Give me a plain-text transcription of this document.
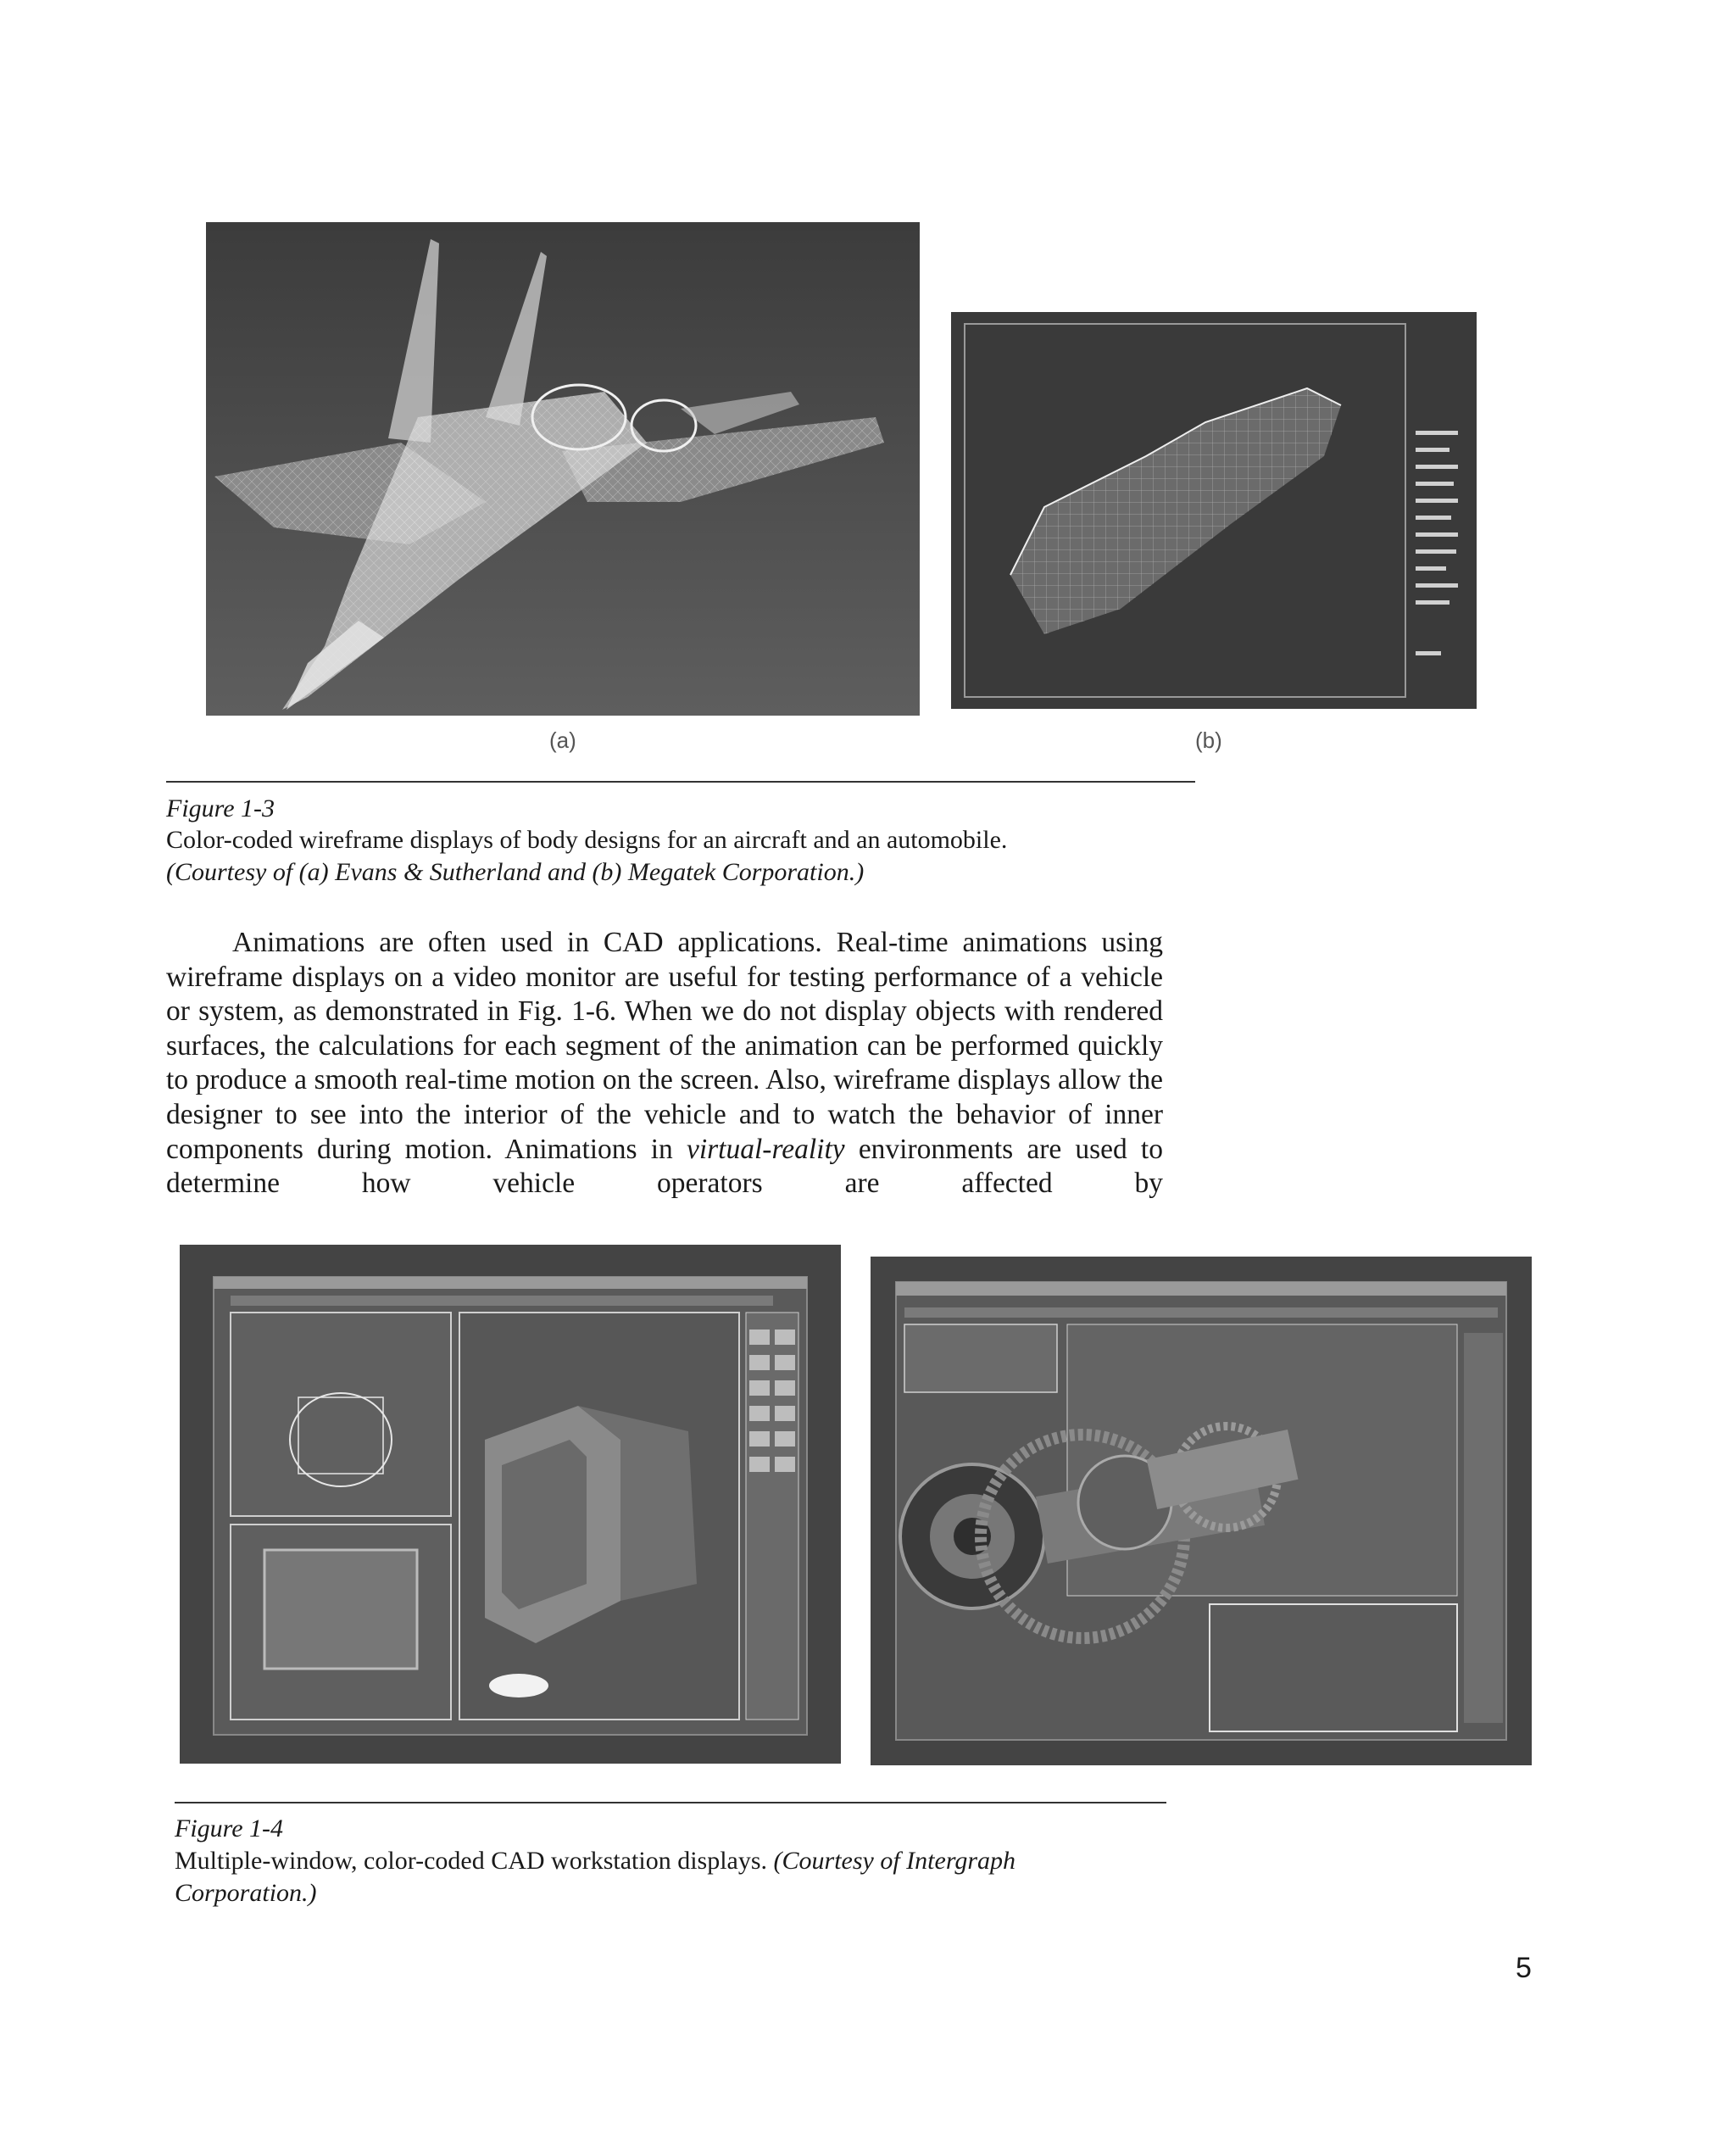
(a)	(b)
Figure 1-3
Color-coded wireframe displays of body designs for an aircraft and an automobile.
(Courtesy of (a) Evans & Sutherland and (b) Megatek Corporation.)
Animations are often used in CAD applications. Real-time animations using wireframe displays on a video monitor are useful for testing performance of a vehicle or system, as demonstrated in Fig. 1-6. When we do not display objects with rendered surfaces, the calculations for each segment of the animation can be performed quickly to produce a smooth real-time motion on the screen. Also, wireframe displays allow the designer to see into the interior of the vehicle and to watch the behavior of inner components during motion. Animations in virtual-reality environments are used to determine how vehicle operators are affected by
Figure 1-4
Multiple-window, color-coded CAD workstation displays. (Courtesy of Intergraph Corporation.)
5
